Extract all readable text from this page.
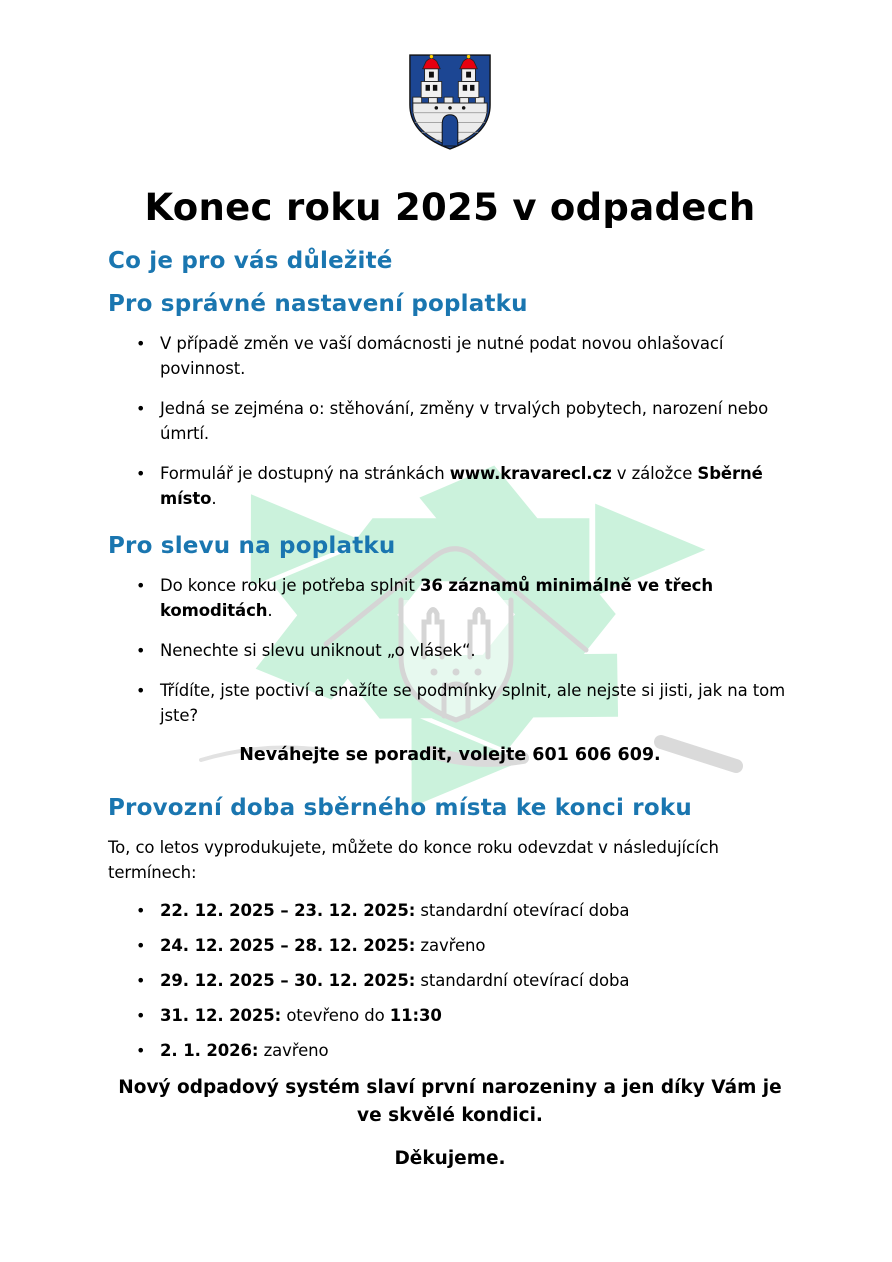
Konec roku 2025 v odpadech
Co je pro vás důležité
Pro správné nastavení poplatku
• V případě změn ve vaší domácnosti je nutné podat novou ohlašovací povinnost.
• Jedná se zejména o: stěhování, změny v trvalých pobytech, narození nebo úmrtí.
• Formulář je dostupný na stránkách www.kravarecl.cz v záložce Sběrné místo.
Pro slevu na poplatku
• Do konce roku je potřeba splnit 36 záznamů minimálně ve třech komoditách.
• Nenechte si slevu uniknout „o vlásek“.
• Třídíte, jste poctiví a snažíte se podmínky splnit, ale nejste si jisti, jak na tom jste?
Neváhejte se poradit, volejte 601 606 609.
Provozní doba sběrného místa ke konci roku

To, co letos vyprodukujete, můžete do konce roku odevzdat v následujících termínech:

• 22. 12. 2025 – 23. 12. 2025: standardní otevírací doba
• 24. 12. 2025 – 28. 12. 2025: zavřeno
• 29. 12. 2025 – 30. 12. 2025: standardní otevírací doba
• 31. 12. 2025: otevřeno do 11:30
• 2. 1. 2026: zavřeno
Nový odpadový systém slaví první narozeniny a jen díky Vám je ve skvělé kondici.
Děkujeme.
